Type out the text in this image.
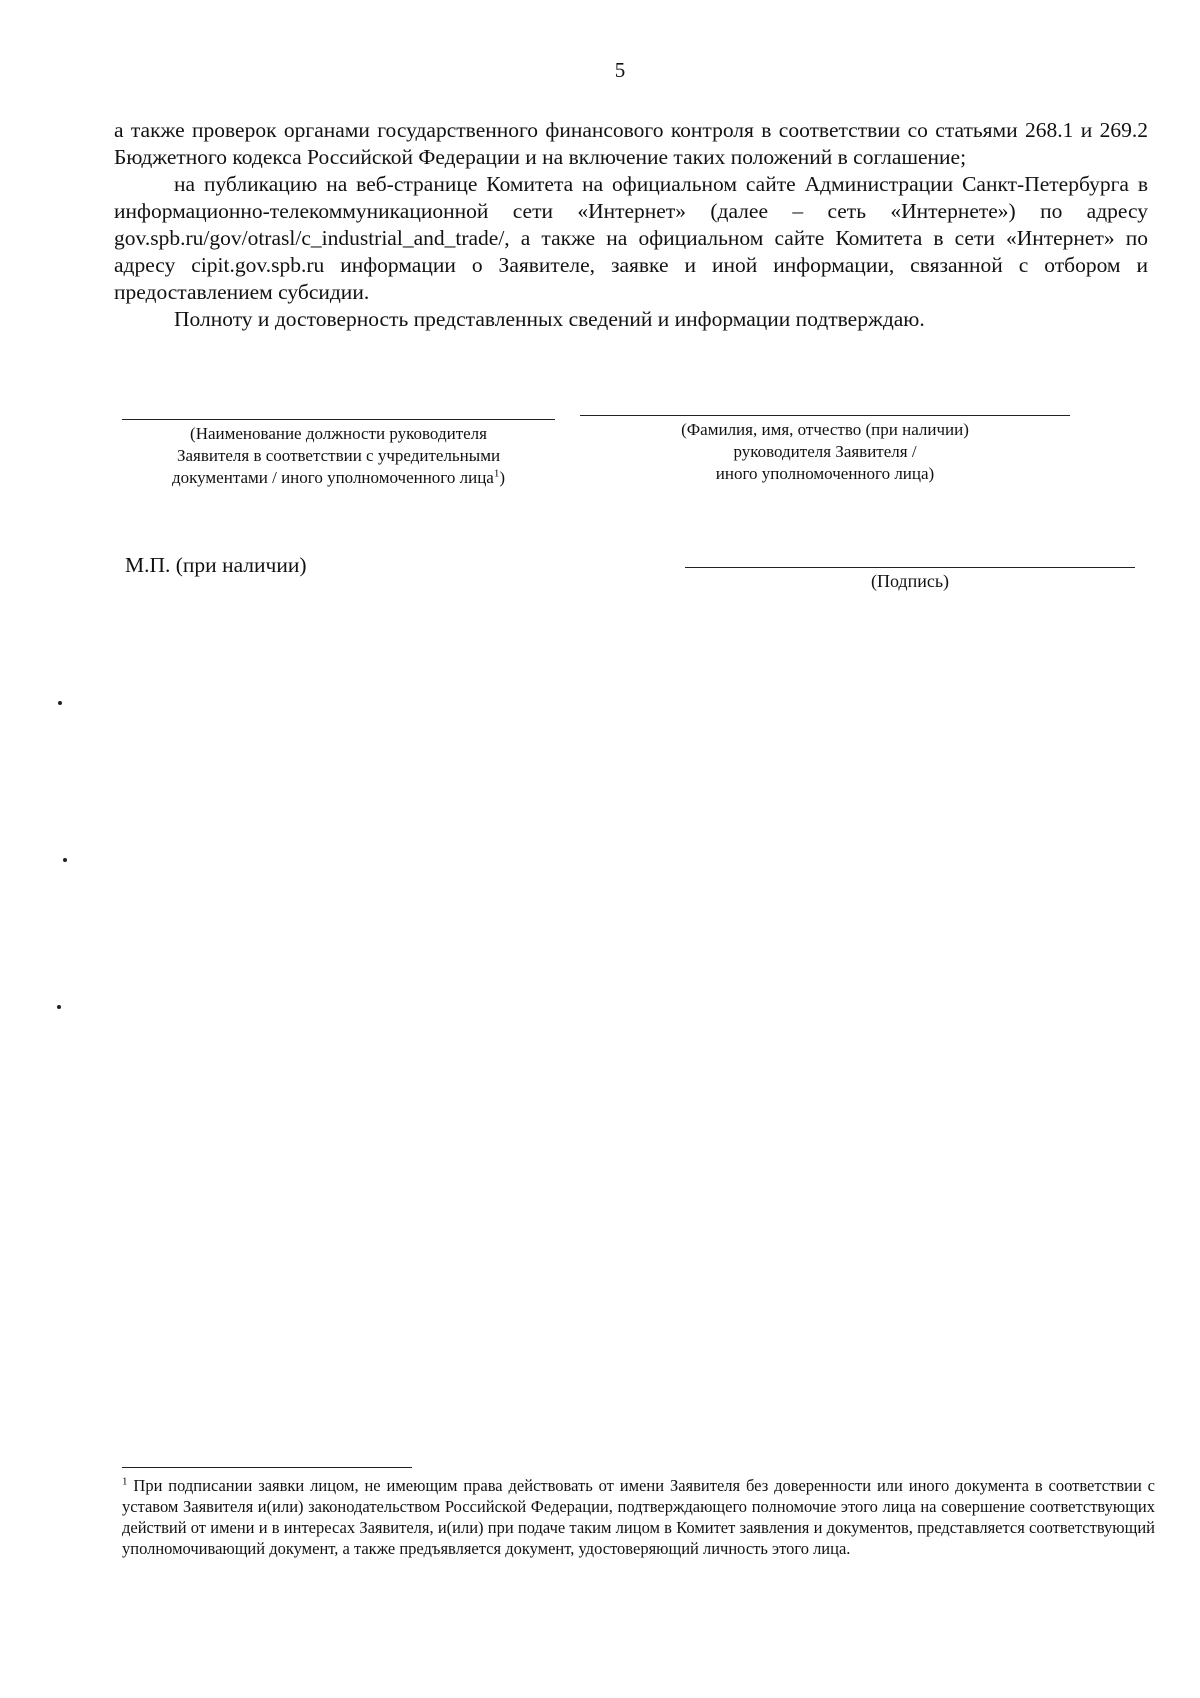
5

а также проверок органами государственного финансового контроля в соответствии со статьями 268.1 и 269.2 Бюджетного кодекса Российской Федерации и на включение таких положений в соглашение;

на публикацию на веб-странице Комитета на официальном сайте Администрации Санкт-Петербурга в информационно-телекоммуникационной сети «Интернет» (далее – сеть «Интернете») по адресу gov.spb.ru/gov/otrasl/c_industrial_and_trade/, а также на официальном сайте Комитета в сети «Интернет» по адресу cipit.gov.spb.ru информации о Заявителе, заявке и иной информации, связанной с отбором и предоставлением субсидии.

Полноту и достоверность представленных сведений и информации подтверждаю.

(Наименование должности руководителя
Заявителя в соответствии с учредительными
документами / иного уполномоченного лица$^1$)
(Фамилия, имя, отчество (при наличии)
руководителя Заявителя /
иного уполномоченного лица)
М.П. (при наличии)
(Подпись)
$^1$ При подписании заявки лицом, не имеющим права действовать от имени Заявителя без доверенности или иного документа в соответствии с уставом Заявителя и(или) законодательством Российской Федерации, подтверждающего полномочие этого лица на совершение соответствующих действий от имени и в интересах Заявителя, и(или) при подаче таким лицом в Комитет заявления и документов, представляется соответствующий уполномочивающий документ, а также предъявляется документ, удостоверяющий личность этого лица.
